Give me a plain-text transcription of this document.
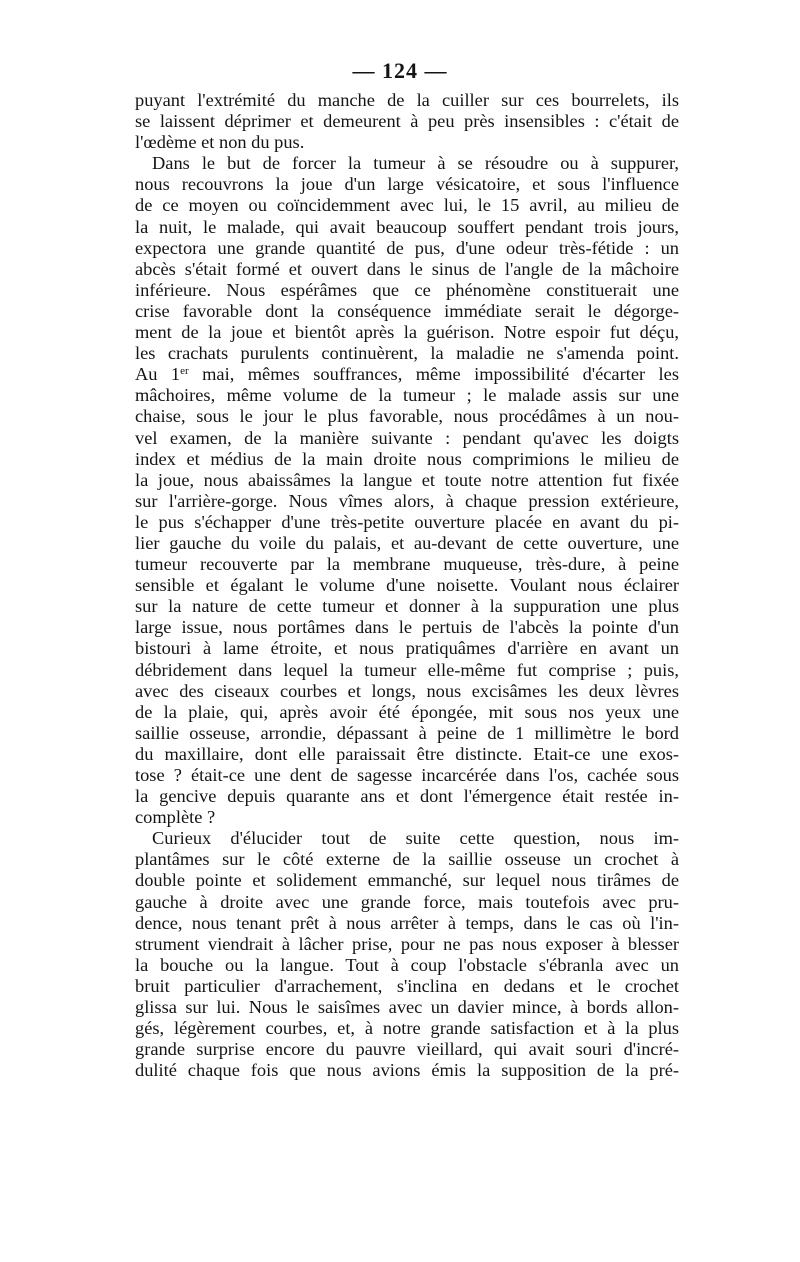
— 124 —
puyant l'extrémité du manche de la cuiller sur ces bourrelets, ils
se laissent déprimer et demeurent à peu près insensibles : c'était de
l'œdème et non du pus.
Dans le but de forcer la tumeur à se résoudre ou à suppurer,
nous recouvrons la joue d'un large vésicatoire, et sous l'influence
de ce moyen ou coïncidemment avec lui, le 15 avril, au milieu de
la nuit, le malade, qui avait beaucoup souffert pendant trois jours,
expectora une grande quantité de pus, d'une odeur très-fétide : un
abcès s'était formé et ouvert dans le sinus de l'angle de la mâchoire
inférieure. Nous espérâmes que ce phénomène constituerait une
crise favorable dont la conséquence immédiate serait le dégorge-
ment de la joue et bientôt après la guérison. Notre espoir fut déçu,
les crachats purulents continuèrent, la maladie ne s'amenda point.
Au 1er mai, mêmes souffrances, même impossibilité d'écarter les
mâchoires, même volume de la tumeur ; le malade assis sur une
chaise, sous le jour le plus favorable, nous procédâmes à un nou-
vel examen, de la manière suivante : pendant qu'avec les doigts
index et médius de la main droite nous comprimions le milieu de
la joue, nous abaissâmes la langue et toute notre attention fut fixée
sur l'arrière-gorge. Nous vîmes alors, à chaque pression extérieure,
le pus s'échapper d'une très-petite ouverture placée en avant du pi-
lier gauche du voile du palais, et au-devant de cette ouverture, une
tumeur recouverte par la membrane muqueuse, très-dure, à peine
sensible et égalant le volume d'une noisette. Voulant nous éclairer
sur la nature de cette tumeur et donner à la suppuration une plus
large issue, nous portâmes dans le pertuis de l'abcès la pointe d'un
bistouri à lame étroite, et nous pratiquâmes d'arrière en avant un
débridement dans lequel la tumeur elle-même fut comprise ; puis,
avec des ciseaux courbes et longs, nous excisâmes les deux lèvres
de la plaie, qui, après avoir été épongée, mit sous nos yeux une
saillie osseuse, arrondie, dépassant à peine de 1 millimètre le bord
du maxillaire, dont elle paraissait être distincte. Etait-ce une exos-
tose ? était-ce une dent de sagesse incarcérée dans l'os, cachée sous
la gencive depuis quarante ans et dont l'émergence était restée in-
complète ?
Curieux d'élucider tout de suite cette question, nous im-
plantâmes sur le côté externe de la saillie osseuse un crochet à
double pointe et solidement emmanché, sur lequel nous tirâmes de
gauche à droite avec une grande force, mais toutefois avec pru-
dence, nous tenant prêt à nous arrêter à temps, dans le cas où l'in-
strument viendrait à lâcher prise, pour ne pas nous exposer à blesser
la bouche ou la langue. Tout à coup l'obstacle s'ébranla avec un
bruit particulier d'arrachement, s'inclina en dedans et le crochet
glissa sur lui. Nous le saisîmes avec un davier mince, à bords allon-
gés, légèrement courbes, et, à notre grande satisfaction et à la plus
grande surprise encore du pauvre vieillard, qui avait souri d'incré-
dulité chaque fois que nous avions émis la supposition de la pré-
